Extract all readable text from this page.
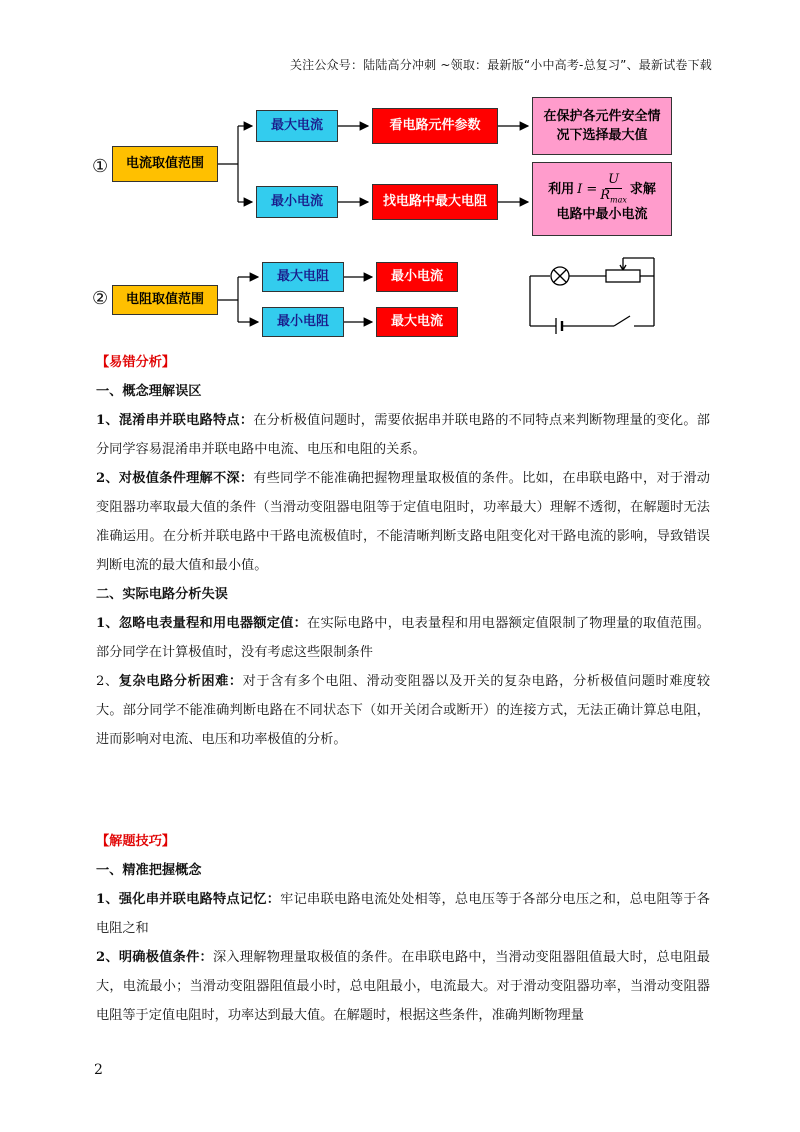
关注公众号：陆陆高分冲刺 ~领取：最新版“小中高考-总复习”、最新试卷下载
①	电流取值范围
最大电流
最小电流
看电路元件参数
找电路中最大电阻
在保护各元件安全情况下选择最大值
利用 I =
U
$R_{max}$
求解
电路中最小电流
②	电阻取值范围
最大电阻
最小电阻
最小电流
最大电流
【易错分析】
一、概念理解误区
1、混淆串并联电路特点：在分析极值问题时，需要依据串并联电路的不同特点来判断物理量的变化。部分同学容易混淆串并联电路中电流、电压和电阻的关系。
2、对极值条件理解不深：有些同学不能准确把握物理量取极值的条件。比如，在串联电路中，对于滑动变阻器功率取最大值的条件（当滑动变阻器电阻等于定值电阻时，功率最大）理解不透彻，在解题时无法准确运用。在分析并联电路中干路电流极值时，不能清晰判断支路电阻变化对干路电流的影响，导致错误判断电流的最大值和最小值。
二、实际电路分析失误
1、忽略电表量程和用电器额定值：在实际电路中，电表量程和用电器额定值限制了物理量的取值范围。部分同学在计算极值时，没有考虑这些限制条件
2、复杂电路分析困难：对于含有多个电阻、滑动变阻器以及开关的复杂电路，分析极值问题时难度较大。部分同学不能准确判断电路在不同状态下（如开关闭合或断开）的连接方式，无法正确计算总电阻，进而影响对电流、电压和功率极值的分析。
【解题技巧】
一、精准把握概念
1、强化串并联电路特点记忆：牢记串联电路电流处处相等，总电压等于各部分电压之和，总电阻等于各电阻之和
2、明确极值条件：深入理解物理量取极值的条件。在串联电路中，当滑动变阻器阻值最大时，总电阻最大，电流最小；当滑动变阻器阻值最小时，总电阻最小，电流最大。对于滑动变阻器功率，当滑动变阻器电阻等于定值电阻时，功率达到最大值。在解题时，根据这些条件，准确判断物理量
2
